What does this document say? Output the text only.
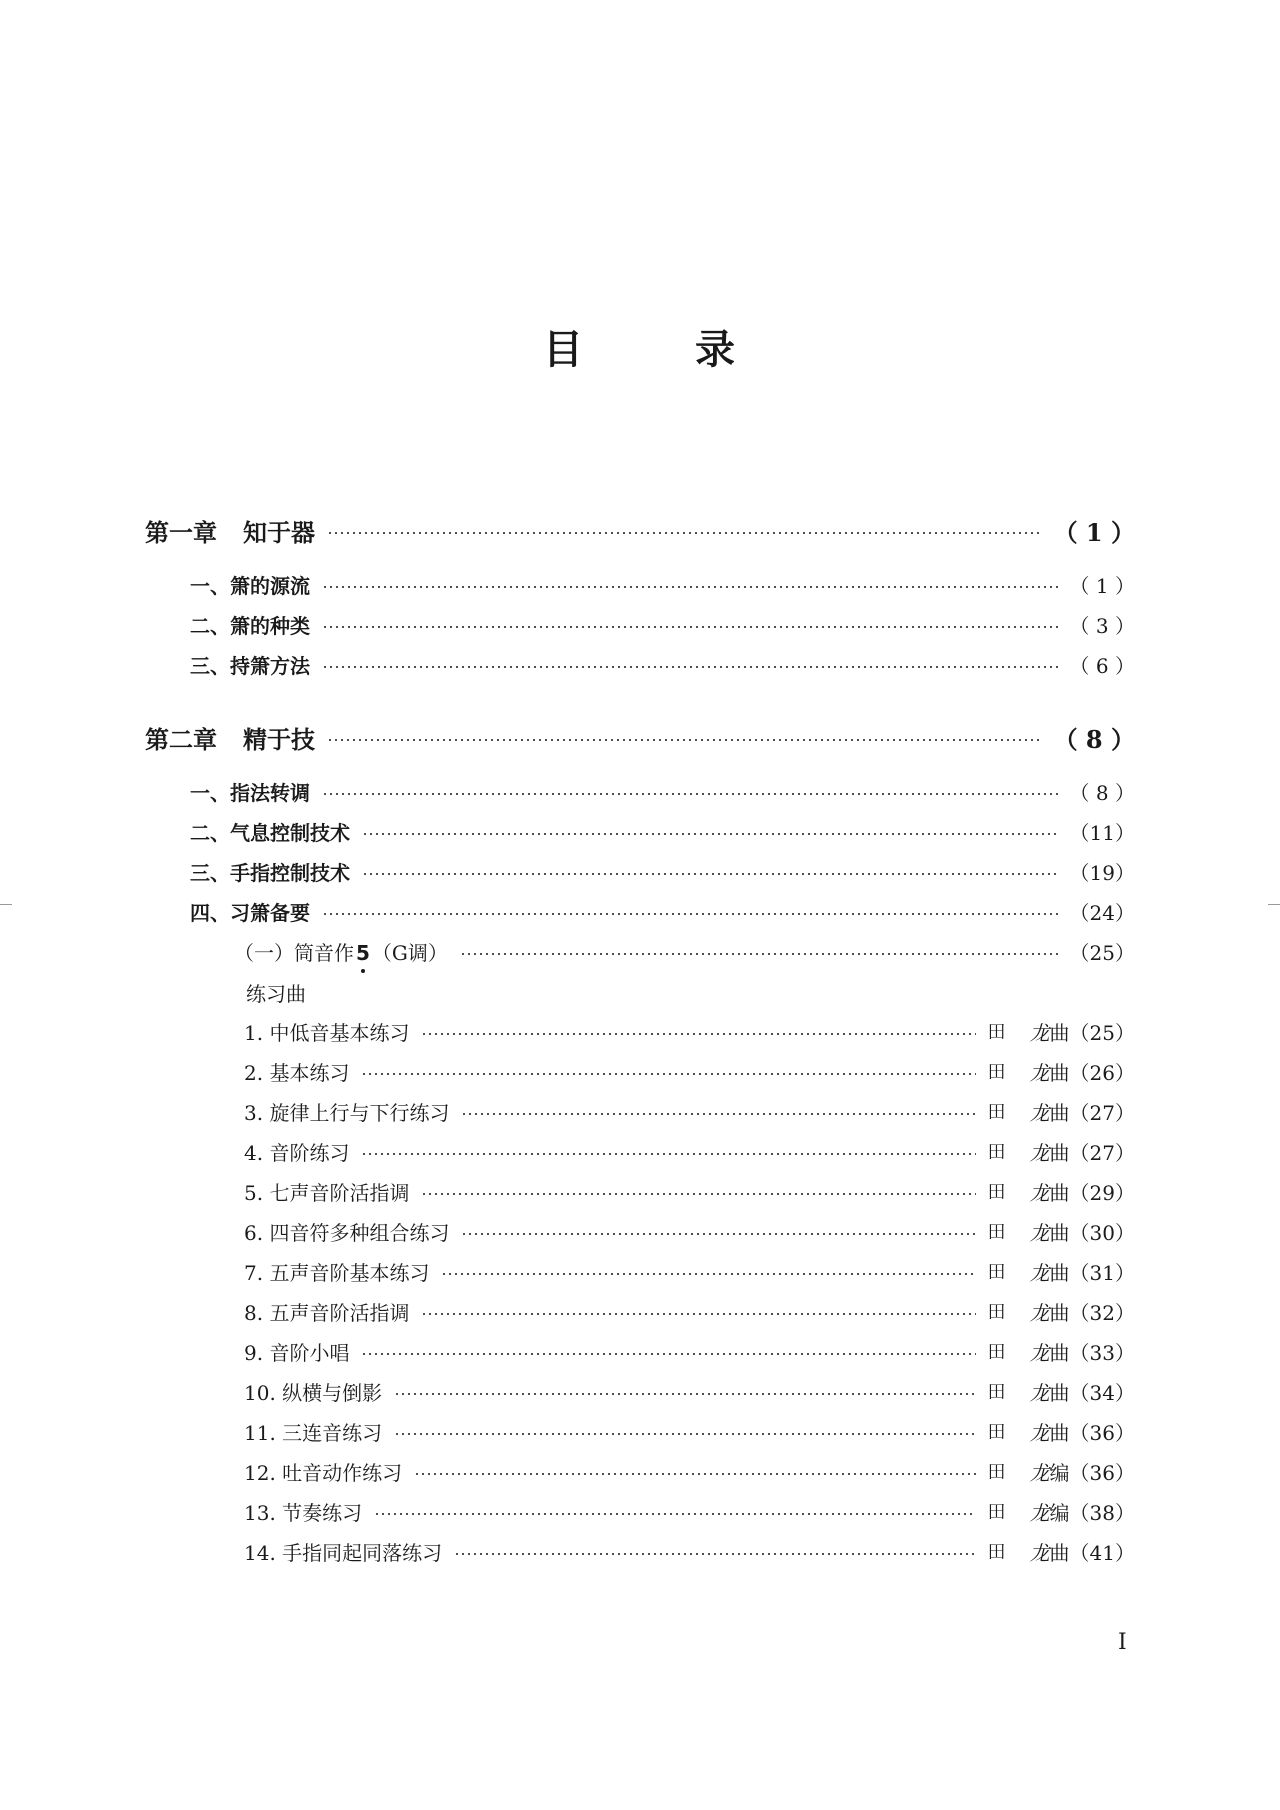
目	录
第一章 知于器	（ 1 ）
一、箫的源流	（ 1 ）
二、箫的种类	（ 3 ）
三、持箫方法	（ 6 ）
第二章 精于技	（ 8 ）
一、指法转调	（ 8 ）
二、气息控制技术	（11）
三、手指控制技术	（19）
四、习箫备要	（24）
（一）筒音作 5 （G调）	（25）
练习曲
1. 中低音基本练习	田	龙 曲 （25）
2. 基本练习	田	龙 曲 （26）
3. 旋律上行与下行练习	田	龙 曲 （27）
4. 音阶练习	田	龙 曲 （27）
5. 七声音阶活指调	田	龙 曲 （29）
6. 四音符多种组合练习	田	龙 曲 （30）
7. 五声音阶基本练习	田	龙 曲 （31）
8. 五声音阶活指调	田	龙 曲 （32）
9. 音阶小唱	田	龙 曲 （33）
10. 纵横与倒影	田	龙 曲 （34）
11. 三连音练习	田	龙 曲 （36）
12. 吐音动作练习	田	龙 编 （36）
13. 节奏练习	田	龙 编 （38）
14. 手指同起同落练习	田	龙 曲 （41）
I
